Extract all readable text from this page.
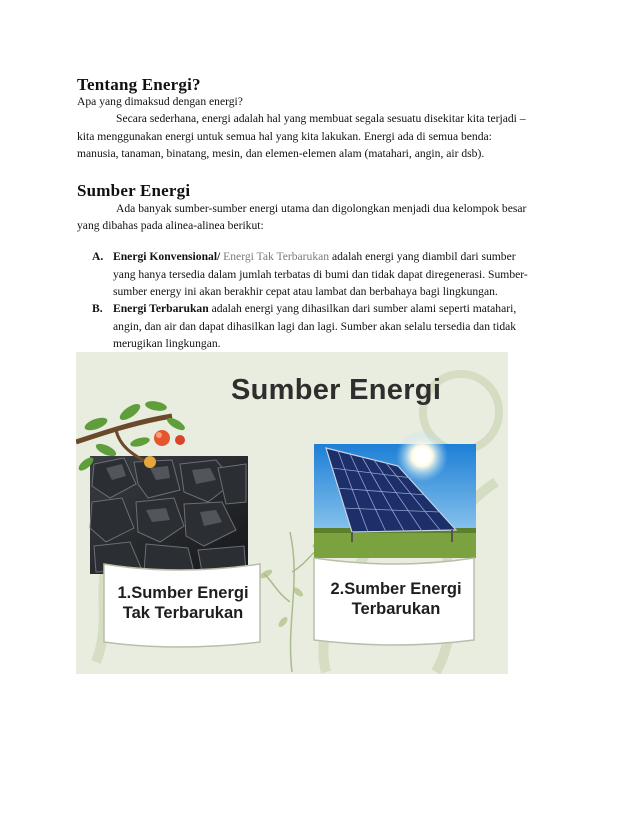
Tentang Energi?
Apa yang dimaksud dengan energi?
Secara sederhana, energi adalah hal yang membuat segala sesuatu disekitar kita terjadi –
kita menggunakan energi untuk semua hal yang kita lakukan. Energi ada di semua benda:
manusia, tanaman, binatang, mesin, dan elemen-elemen alam (matahari, angin, air dsb).
Sumber Energi
Ada banyak sumber-sumber energi utama dan digolongkan menjadi dua kelompok besar
yang dibahas pada alinea-alinea berikut:
A. Energi Konvensional/ Energi Tak Terbarukan adalah energi yang diambil dari sumber
yang hanya tersedia dalam jumlah terbatas di bumi dan tidak dapat diregenerasi. Sumber-
sumber energy ini akan berakhir cepat atau lambat dan berbahaya bagi lingkungan.
B. Energi Terbarukan adalah energi yang dihasilkan dari sumber alami seperti matahari,
angin, dan air dan dapat dihasilkan lagi dan lagi. Sumber akan selalu tersedia dan tidak
merugikan lingkungan.
Sumber Energi
1.Sumber Energi
Tak Terbarukan
2.Sumber Energi
Terbarukan
